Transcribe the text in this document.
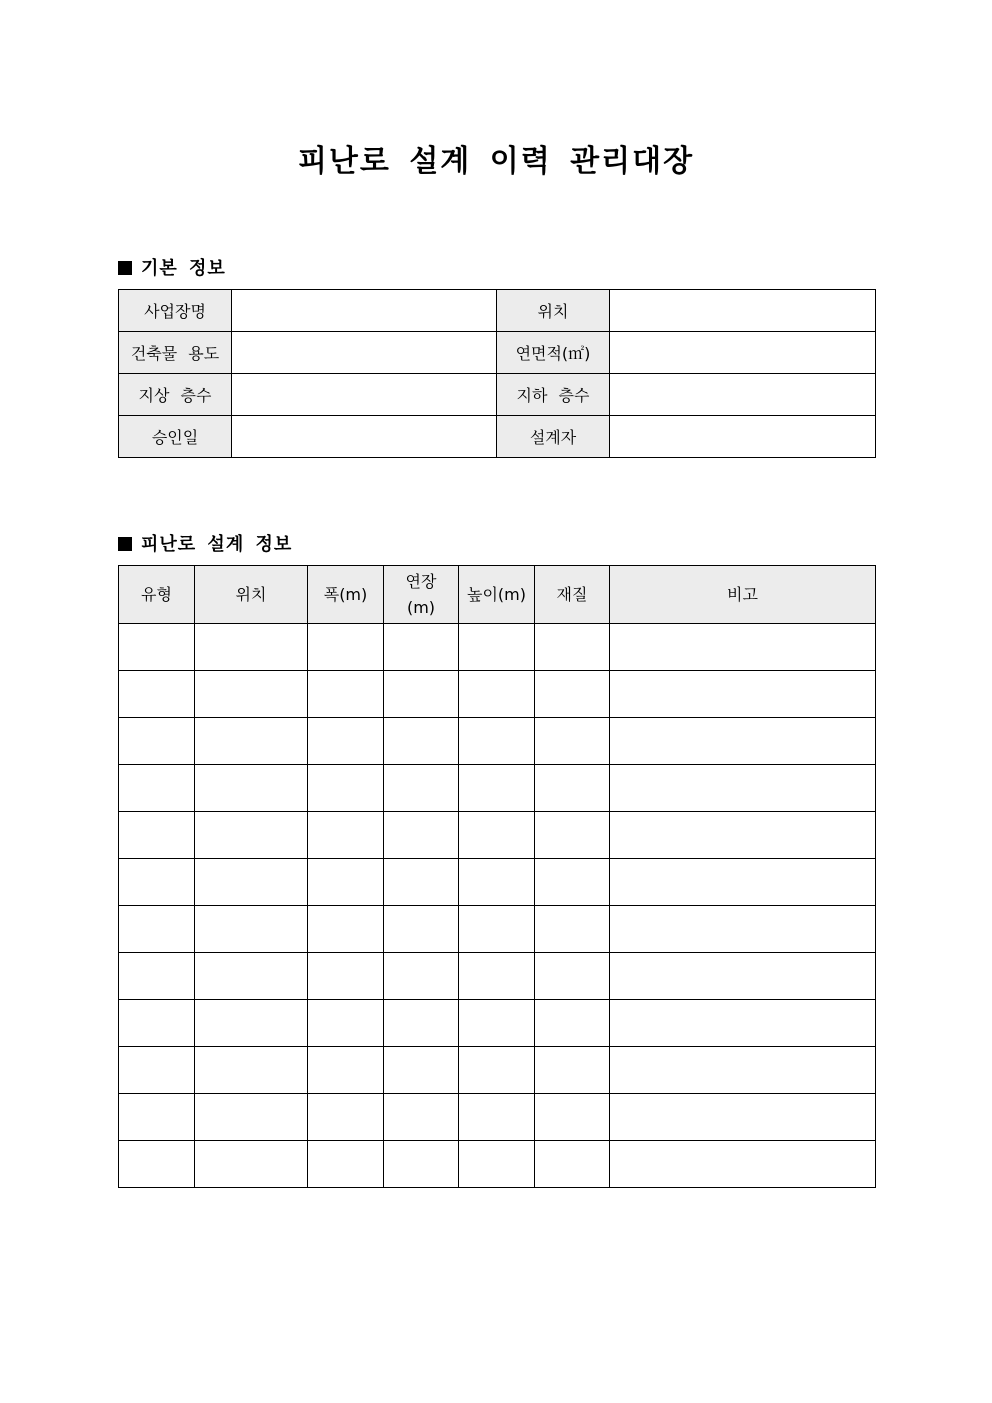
피난로 설계 이력 관리대장
기본 정보
사업장명		위치	
건축물 용도		연면적(㎡)	
지상 층수		지하 층수	
승인일		설계자	
피난로 설계 정보
유형	위치	폭(m)	연장(m)	높이(m)	재질	비고
